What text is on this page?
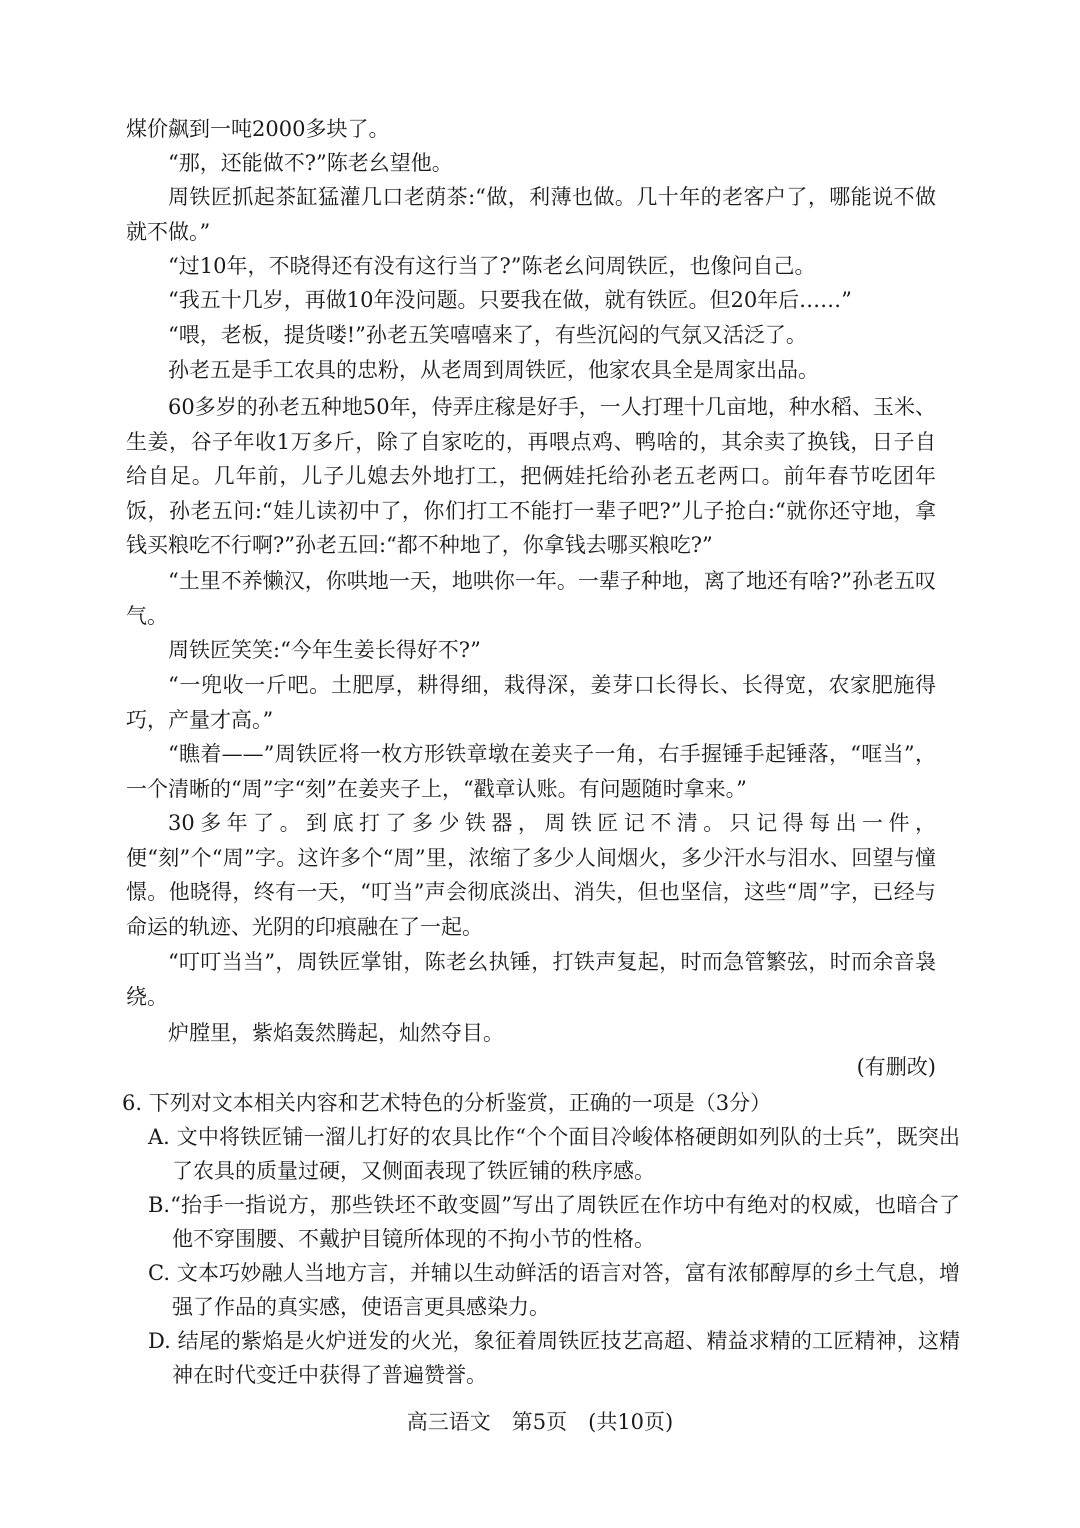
煤价飙到一吨2000多块了。

“那，还能做不?”陈老幺望他。

周铁匠抓起茶缸猛灌几口老荫茶:“做，利薄也做。几十年的老客户了，哪能说不做就不做。”

“过10年，不晓得还有没有这行当了?”陈老幺问周铁匠，也像问自己。

“我五十几岁，再做10年没问题。只要我在做，就有铁匠。但20年后……”

“喂，老板，提货喽!”孙老五笑嘻嘻来了，有些沉闷的气氛又活泛了。

孙老五是手工农具的忠粉，从老周到周铁匠，他家农具全是周家出品。

60多岁的孙老五种地50年，侍弄庄稼是好手，一人打理十几亩地，种水稻、玉米、生姜，谷子年收1万多斤，除了自家吃的，再喂点鸡、鸭啥的，其余卖了换钱，日子自给自足。几年前，儿子儿媳去外地打工，把俩娃托给孙老五老两口。前年春节吃团年饭，孙老五问:“娃儿读初中了，你们打工不能打一辈子吧?”儿子抢白:“就你还守地，拿钱买粮吃不行啊?”孙老五回:“都不种地了，你拿钱去哪买粮吃?”

“土里不养懒汉，你哄地一天，地哄你一年。一辈子种地，离了地还有啥?”孙老五叹气。

周铁匠笑笑:“今年生姜长得好不?”

“一兜收一斤吧。土肥厚，耕得细，栽得深，姜芽口长得长、长得宽，农家肥施得巧，产量才高。”

“瞧着——”周铁匠将一枚方形铁章墩在姜夹子一角，右手握锤手起锤落，“哐当”，一个清晰的“周”字“刻”在姜夹子上，“戳章认账。有问题随时拿来。”

30多年了。到底打了多少铁器，周铁匠记不清。只记得每出一件，便“刻”个“周”字。这许多个“周”里，浓缩了多少人间烟火，多少汗水与泪水、回望与憧憬。他晓得，终有一天，“叮当”声会彻底淡出、消失，但也坚信，这些“周”字，已经与命运的轨迹、光阴的印痕融在了一起。

“叮叮当当”，周铁匠掌钳，陈老幺执锤，打铁声复起，时而急管繁弦，时而余音袅绕。

炉膛里，紫焰轰然腾起，灿然夺目。

(有删改)

6. 下列对文本相关内容和艺术特色的分析鉴赏，正确的一项是（3分）

A. 文中将铁匠铺一溜儿打好的农具比作“个个面目冷峻体格硬朗如列队的士兵”，既突出了农具的质量过硬，又侧面表现了铁匠铺的秩序感。

B.“抬手一指说方，那些铁坯不敢变圆”写出了周铁匠在作坊中有绝对的权威，也暗合了他不穿围腰、不戴护目镜所体现的不拘小节的性格。

C. 文本巧妙融人当地方言，并辅以生动鲜活的语言对答，富有浓郁醇厚的乡土气息，增强了作品的真实感，使语言更具感染力。

D. 结尾的紫焰是火炉迸发的火光，象征着周铁匠技艺高超、精益求精的工匠精神，这精神在时代变迁中获得了普遍赞誉。

高三语文　第5页　(共10页)
